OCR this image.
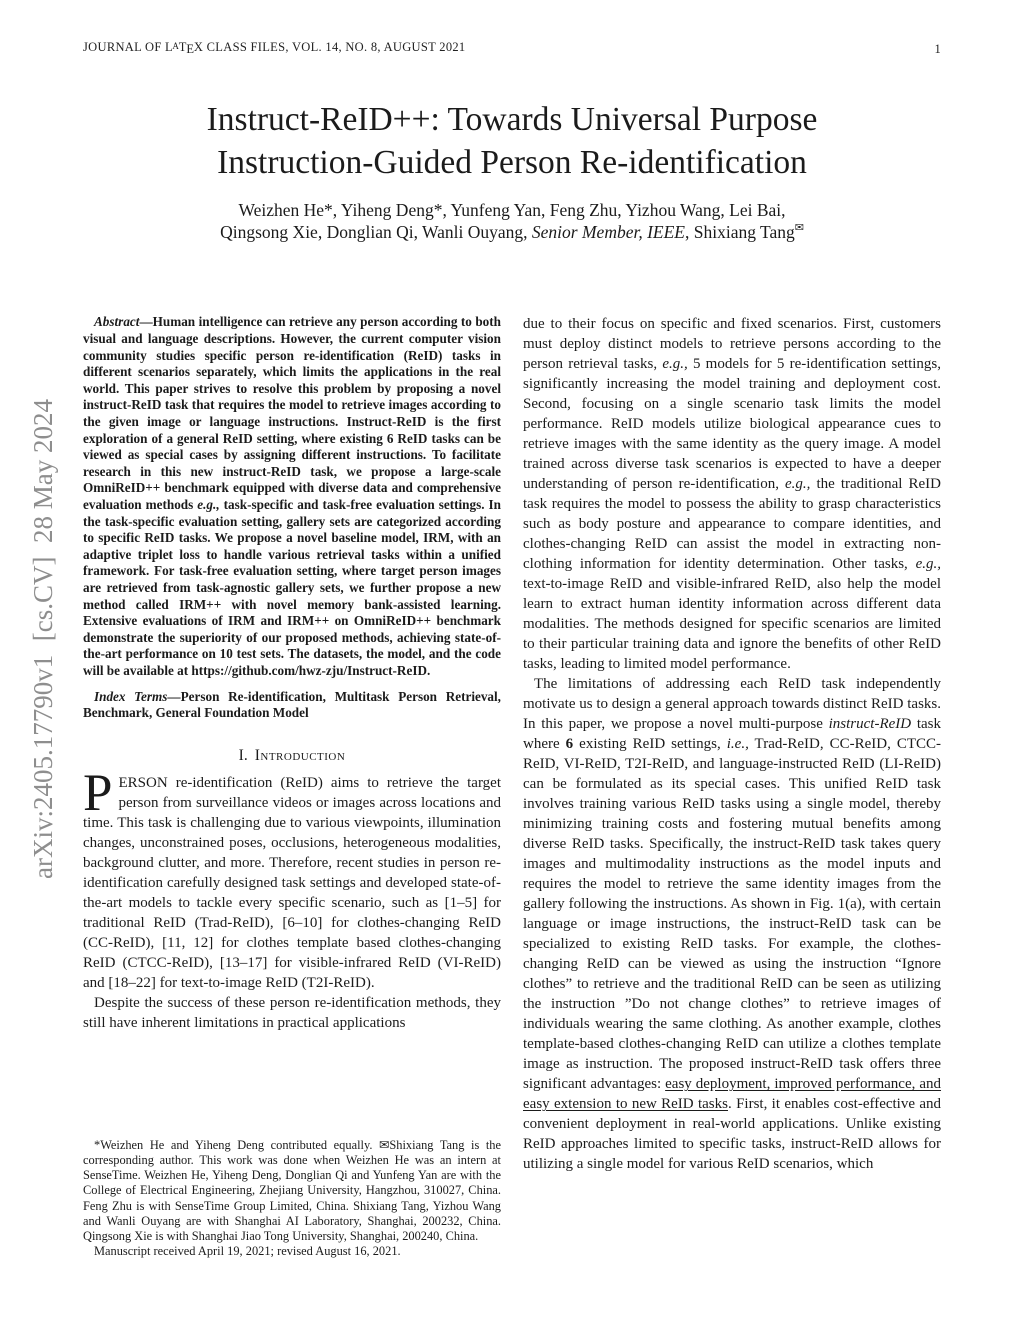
arXiv:2405.17790v1  [cs.CV]  28 May 2024
JOURNAL OF LATEX CLASS FILES, VOL. 14, NO. 8, AUGUST 2021	1
Instruct-ReID++: Towards Universal Purpose
Instruction-Guided Person Re-identification
Weizhen He*, Yiheng Deng*, Yunfeng Yan, Feng Zhu, Yizhou Wang, Lei Bai,
Qingsong Xie, Donglian Qi, Wanli Ouyang, Senior Member, IEEE, Shixiang Tang✉

Abstract—Human intelligence can retrieve any person according to both visual and language descriptions. However, the current computer vision community studies specific person re-identification (ReID) tasks in different scenarios separately, which limits the applications in the real world. This paper strives to resolve this problem by proposing a novel instruct-ReID task that requires the model to retrieve images according to the given image or language instructions. Instruct-ReID is the first exploration of a general ReID setting, where existing 6 ReID tasks can be viewed as special cases by assigning different instructions. To facilitate research in this new instruct-ReID task, we propose a large-scale OmniReID++ benchmark equipped with diverse data and comprehensive evaluation methods e.g., task-specific and task-free evaluation settings. In the task-specific evaluation setting, gallery sets are categorized according to specific ReID tasks. We propose a novel baseline model, IRM, with an adaptive triplet loss to handle various retrieval tasks within a unified framework. For task-free evaluation setting, where target person images are retrieved from task-agnostic gallery sets, we further propose a new method called IRM++ with novel memory bank-assisted learning. Extensive evaluations of IRM and IRM++ on OmniReID++ benchmark demonstrate the superiority of our proposed methods, achieving state-of-the-art performance on 10 test sets. The datasets, the model, and the code will be available at https://github.com/hwz-zju/Instruct-ReID.

Index Terms—Person Re-identification, Multitask Person Retrieval, Benchmark, General Foundation Model

I. Introduction

PERSON re-identification (ReID) aims to retrieve the target person from surveillance videos or images across locations and time. This task is challenging due to various viewpoints, illumination changes, unconstrained poses, occlusions, heterogeneous modalities, background clutter, and more. Therefore, recent studies in person re-identification carefully designed task settings and developed state-of-the-art models to tackle every specific scenario, such as [1–5] for traditional ReID (Trad-ReID), [6–10] for clothes-changing ReID (CC-ReID), [11, 12] for clothes template based clothes-changing ReID (CTCC-ReID), [13–17] for visible-infrared ReID (VI-ReID) and [18–22] for text-to-image ReID (T2I-ReID).

Despite the success of these person re-identification methods, they still have inherent limitations in practical applications

*Weizhen He and Yiheng Deng contributed equally. ✉Shixiang Tang is the corresponding author. This work was done when Weizhen He was an intern at SenseTime. Weizhen He, Yiheng Deng, Donglian Qi and Yunfeng Yan are with the College of Electrical Engineering, Zhejiang University, Hangzhou, 310027, China. Feng Zhu is with SenseTime Group Limited, China. Shixiang Tang, Yizhou Wang and Wanli Ouyang are with Shanghai AI Laboratory, Shanghai, 200232, China. Qingsong Xie is with Shanghai Jiao Tong University, Shanghai, 200240, China.

Manuscript received April 19, 2021; revised August 16, 2021.

due to their focus on specific and fixed scenarios. First, customers must deploy distinct models to retrieve persons according to the person retrieval tasks, e.g., 5 models for 5 re-identification settings, significantly increasing the model training and deployment cost. Second, focusing on a single scenario task limits the model performance. ReID models utilize biological appearance cues to retrieve images with the same identity as the query image. A model trained across diverse task scenarios is expected to have a deeper understanding of person re-identification, e.g., the traditional ReID task requires the model to possess the ability to grasp characteristics such as body posture and appearance to compare identities, and clothes-changing ReID can assist the model in extracting non-clothing information for identity determination. Other tasks, e.g., text-to-image ReID and visible-infrared ReID, also help the model learn to extract human identity information across different data modalities. The methods designed for specific scenarios are limited to their particular training data and ignore the benefits of other ReID tasks, leading to limited model performance.

The limitations of addressing each ReID task independently motivate us to design a general approach towards distinct ReID tasks. In this paper, we propose a novel multi-purpose instruct-ReID task where 6 existing ReID settings, i.e., Trad-ReID, CC-ReID, CTCC-ReID, VI-ReID, T2I-ReID, and language-instructed ReID (LI-ReID) can be formulated as its special cases. This unified ReID task involves training various ReID tasks using a single model, thereby minimizing training costs and fostering mutual benefits among diverse ReID tasks. Specifically, the instruct-ReID task takes query images and multimodality instructions as the model inputs and requires the model to retrieve the same identity images from the gallery following the instructions. As shown in Fig. 1(a), with certain language or image instructions, the instruct-ReID task can be specialized to existing ReID tasks. For example, the clothes-changing ReID can be viewed as using the instruction “Ignore clothes” to retrieve and the traditional ReID can be seen as utilizing the instruction ”Do not change clothes” to retrieve images of individuals wearing the same clothing. As another example, clothes template-based clothes-changing ReID can utilize a clothes template image as instruction. The proposed instruct-ReID task offers three significant advantages: easy deployment, improved performance, and easy extension to new ReID tasks. First, it enables cost-effective and convenient deployment in real-world applications. Unlike existing ReID approaches limited to specific tasks, instruct-ReID allows for utilizing a single model for various ReID scenarios, which
